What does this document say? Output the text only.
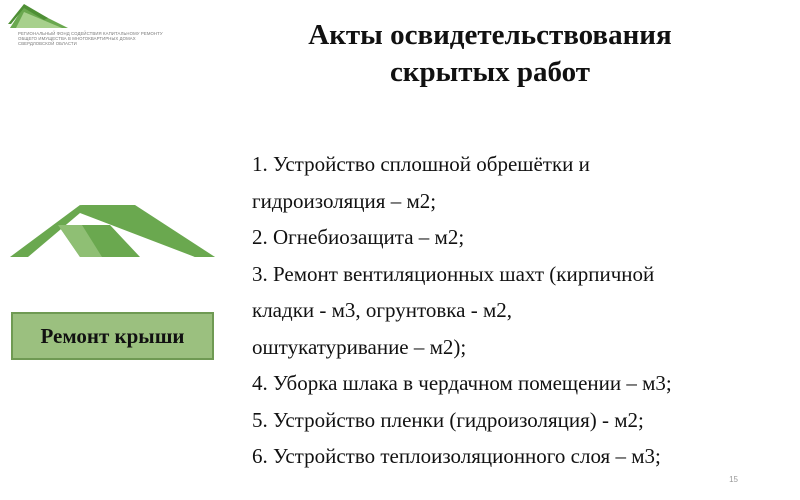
РЕГИОНАЛЬНЫЙ ФОНД СОДЕЙСТВИЯ КАПИТАЛЬНОМУ РЕМОНТУ ОБЩЕГО ИМУЩЕСТВА В МНОГОКВАРТИРНЫХ ДОМАХ СВЕРДЛОВСКОЙ ОБЛАСТИ	Акты освидетельствования
скрытых работ
Ремонт крыши
1. Устройство сплошной обрешётки и
гидроизоляция – м2;
2. Огнебиозащита – м2;
3. Ремонт вентиляционных шахт (кирпичной
кладки - м3, огрунтовка - м2,
оштукатуривание – м2);
4. Уборка шлака в чердачном помещении – м3;
5. Устройство пленки (гидроизоляция) - м2;
6. Устройство теплоизоляционного слоя – м3;
15
